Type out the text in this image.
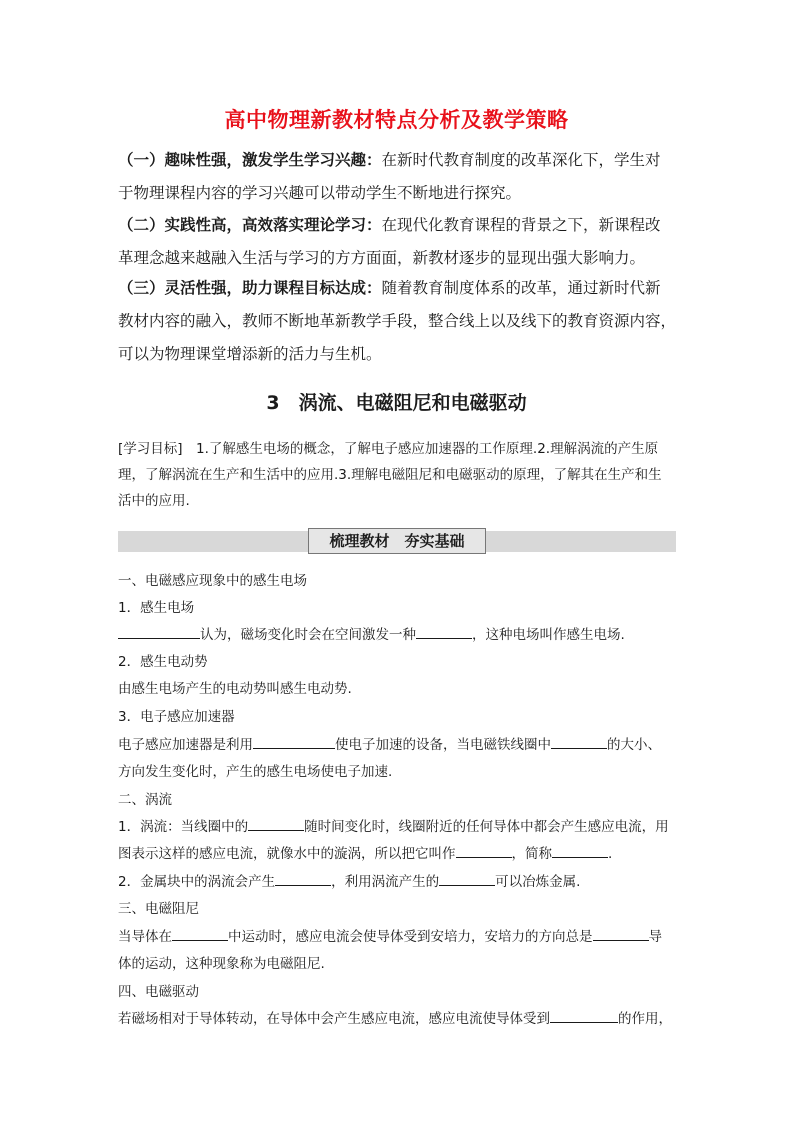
高中物理新教材特点分析及教学策略
（一）趣味性强，激发学生学习兴趣：在新时代教育制度的改革深化下，学生对
于物理课程内容的学习兴趣可以带动学生不断地进行探究。
（二）实践性高，高效落实理论学习：在现代化教育课程的背景之下，新课程改
革理念越来越融入生活与学习的方方面面，新教材逐步的显现出强大影响力。
（三）灵活性强，助力课程目标达成：随着教育制度体系的改革，通过新时代新
教材内容的融入，教师不断地革新教学手段，整合线上以及线下的教育资源内容，
可以为物理课堂增添新的活力与生机。
3　涡流、电磁阻尼和电磁驱动
[学习目标]　1.了解感生电场的概念，了解电子感应加速器的工作原理.2.理解涡流的产生原
理，了解涡流在生产和生活中的应用.3.理解电磁阻尼和电磁驱动的原理，了解其在生产和生
活中的应用.
梳理教材　夯实基础
一、电磁感应现象中的感生电场
1．感生电场
认为，磁场变化时会在空间激发一种	，这种电场叫作感生电场.
2．感生电动势
由感生电场产生的电动势叫感生电动势.
3．电子感应加速器
电子感应加速器是利用	使电子加速的设备，当电磁铁线圈中	的大小、
方向发生变化时，产生的感生电场使电子加速.
二、涡流
1．涡流：当线圈中的	随时间变化时，线圈附近的任何导体中都会产生感应电流，用
图表示这样的感应电流，就像水中的漩涡，所以把它叫作	，简称	.
2．金属块中的涡流会产生	，利用涡流产生的	可以冶炼金属.
三、电磁阻尼
当导体在	中运动时，感应电流会使导体受到安培力，安培力的方向总是	导
体的运动，这种现象称为电磁阻尼.
四、电磁驱动
若磁场相对于导体转动，在导体中会产生感应电流，感应电流使导体受到	的作用，
